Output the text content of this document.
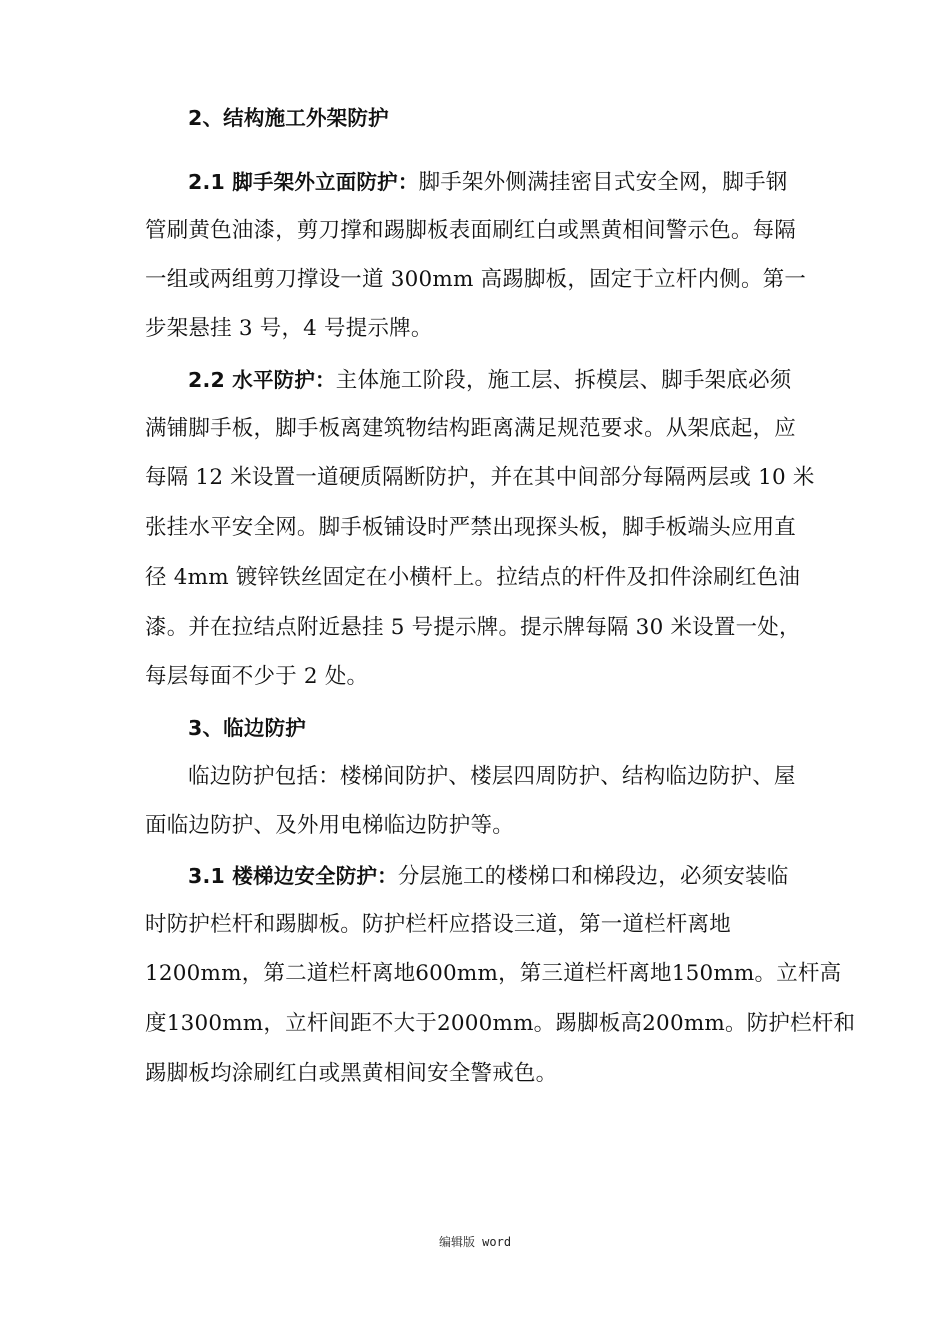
2、结构施工外架防护
2.1 脚手架外立面防护：脚手架外侧满挂密目式安全网，脚手钢
管刷黄色油漆，剪刀撑和踢脚板表面刷红白或黑黄相间警示色。每隔
一组或两组剪刀撑设一道 300mm 高踢脚板，固定于立杆内侧。第一
步架悬挂 3 号，4 号提示牌。
2.2 水平防护：主体施工阶段，施工层、拆模层、脚手架底必须
满铺脚手板，脚手板离建筑物结构距离满足规范要求。从架底起，应
每隔 12 米设置一道硬质隔断防护，并在其中间部分每隔两层或 10 米
张挂水平安全网。脚手板铺设时严禁出现探头板，脚手板端头应用直
径 4mm 镀锌铁丝固定在小横杆上。拉结点的杆件及扣件涂刷红色油
漆。并在拉结点附近悬挂 5 号提示牌。提示牌每隔 30 米设置一处，
每层每面不少于 2 处。
3、临边防护
临边防护包括：楼梯间防护、楼层四周防护、结构临边防护、屋
面临边防护、及外用电梯临边防护等。
3.1 楼梯边安全防护：分层施工的楼梯口和梯段边，必须安装临
时防护栏杆和踢脚板。防护栏杆应搭设三道，第一道栏杆离地
1200mm，第二道栏杆离地600mm，第三道栏杆离地150mm。立杆高
度1300mm，立杆间距不大于2000mm。踢脚板高200mm。防护栏杆和
踢脚板均涂刷红白或黑黄相间安全警戒色。
编辑版 word
